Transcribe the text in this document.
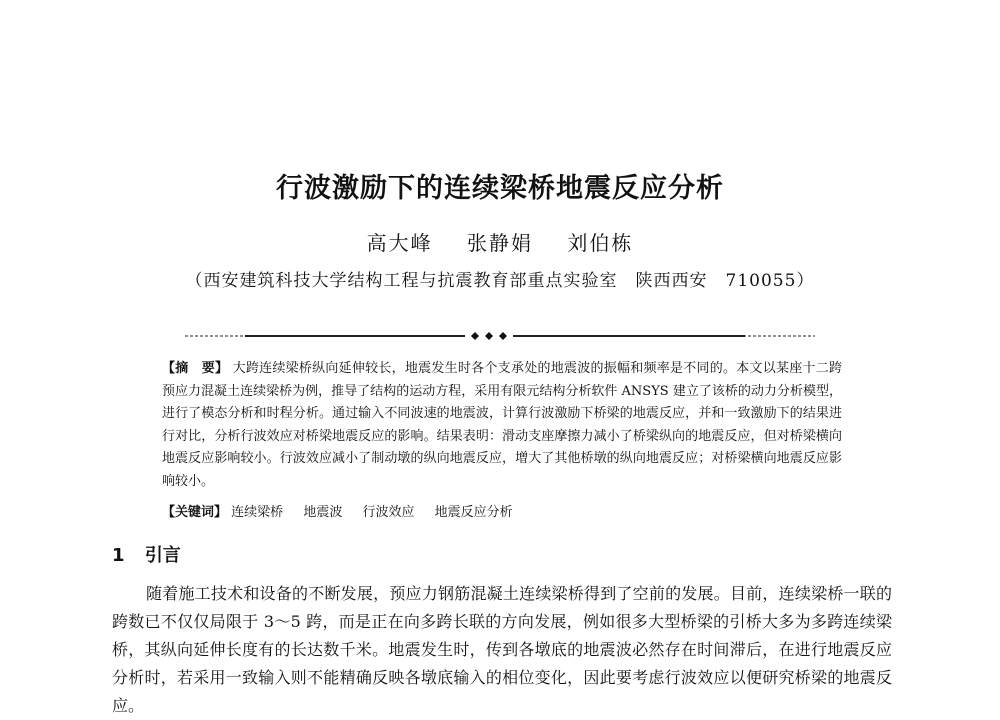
行波激励下的连续梁桥地震反应分析
高大峰 张静娟 刘伯栋
（西安建筑科技大学结构工程与抗震教育部重点实验室　陕西西安　710055）
【摘　要】 大跨连续梁桥纵向延伸较长，地震发生时各个支承处的地震波的振幅和频率是不同的。本文以某座十二跨预应力混凝土连续梁桥为例，推导了结构的运动方程，采用有限元结构分析软件 ANSYS 建立了该桥的动力分析模型，进行了模态分析和时程分析。通过输入不同波速的地震波，计算行波激励下桥梁的地震反应，并和一致激励下的结果进行对比，分析行波效应对桥梁地震反应的影响。结果表明：滑动支座摩擦力减小了桥梁纵向的地震反应，但对桥梁横向地震反应影响较小。行波效应减小了制动墩的纵向地震反应，增大了其他桥墩的纵向地震反应；对桥梁横向地震反应影响较小。
【关键词】 连续梁桥 地震波 行波效应 地震反应分析
1 引言
随着施工技术和设备的不断发展，预应力钢筋混凝土连续梁桥得到了空前的发展。目前，连续梁桥一联的跨数已不仅仅局限于 3～5 跨，而是正在向多跨长联的方向发展，例如很多大型桥梁的引桥大多为多跨连续梁桥，其纵向延伸长度有的长达数千米。地震发生时，传到各墩底的地震波必然存在时间滞后，在进行地震反应分析时，若采用一致输入则不能精确反映各墩底输入的相位变化，因此要考虑行波效应以便研究桥梁的地震反应。
